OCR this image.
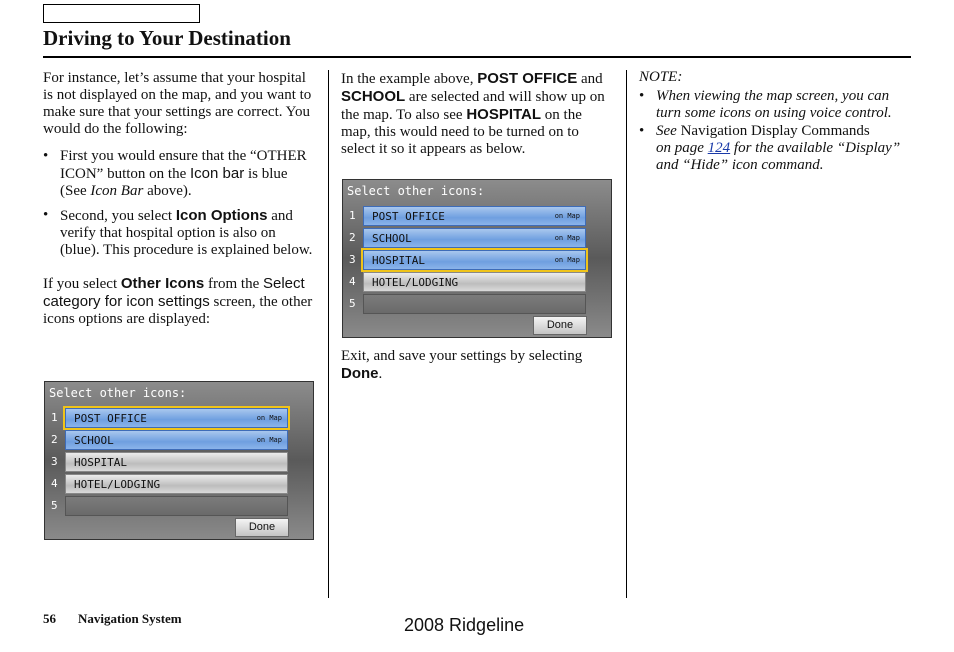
Driving to Your Destination

For instance, let’s assume that your hospital is not displayed on the map, and you want to make sure that your settings are correct. You would do the following:

• First you would ensure that the “OTHER ICON” button on the Icon bar is blue (See Icon Bar above).
• Second, you select Icon Options and verify that hospital option is also on (blue). This procedure is explained below.

If you select Other Icons from the Select category for icon settings screen, the other icons options are displayed:

Select other icons:
1 POST OFFICE	on Map
2 SCHOOL	on Map
3 HOSPITAL
4 HOTEL/LODGING
5
Done

In the example above, POST OFFICE and SCHOOL are selected and will show up on the map. To also see HOSPITAL on the map, this would need to be turned on to select it so it appears as below.

Select other icons:
1 POST OFFICE	on Map
2 SCHOOL	on Map
3 HOSPITAL	on Map
4 HOTEL/LODGING
5
Done

Exit, and save your settings by selecting Done.

NOTE:

• When viewing the map screen, you can turn some icons on using voice control.
• See Navigation Display Commands
on page 124 for the available “Display” and “Hide” icon command.
56 Navigation System	2008 Ridgeline
